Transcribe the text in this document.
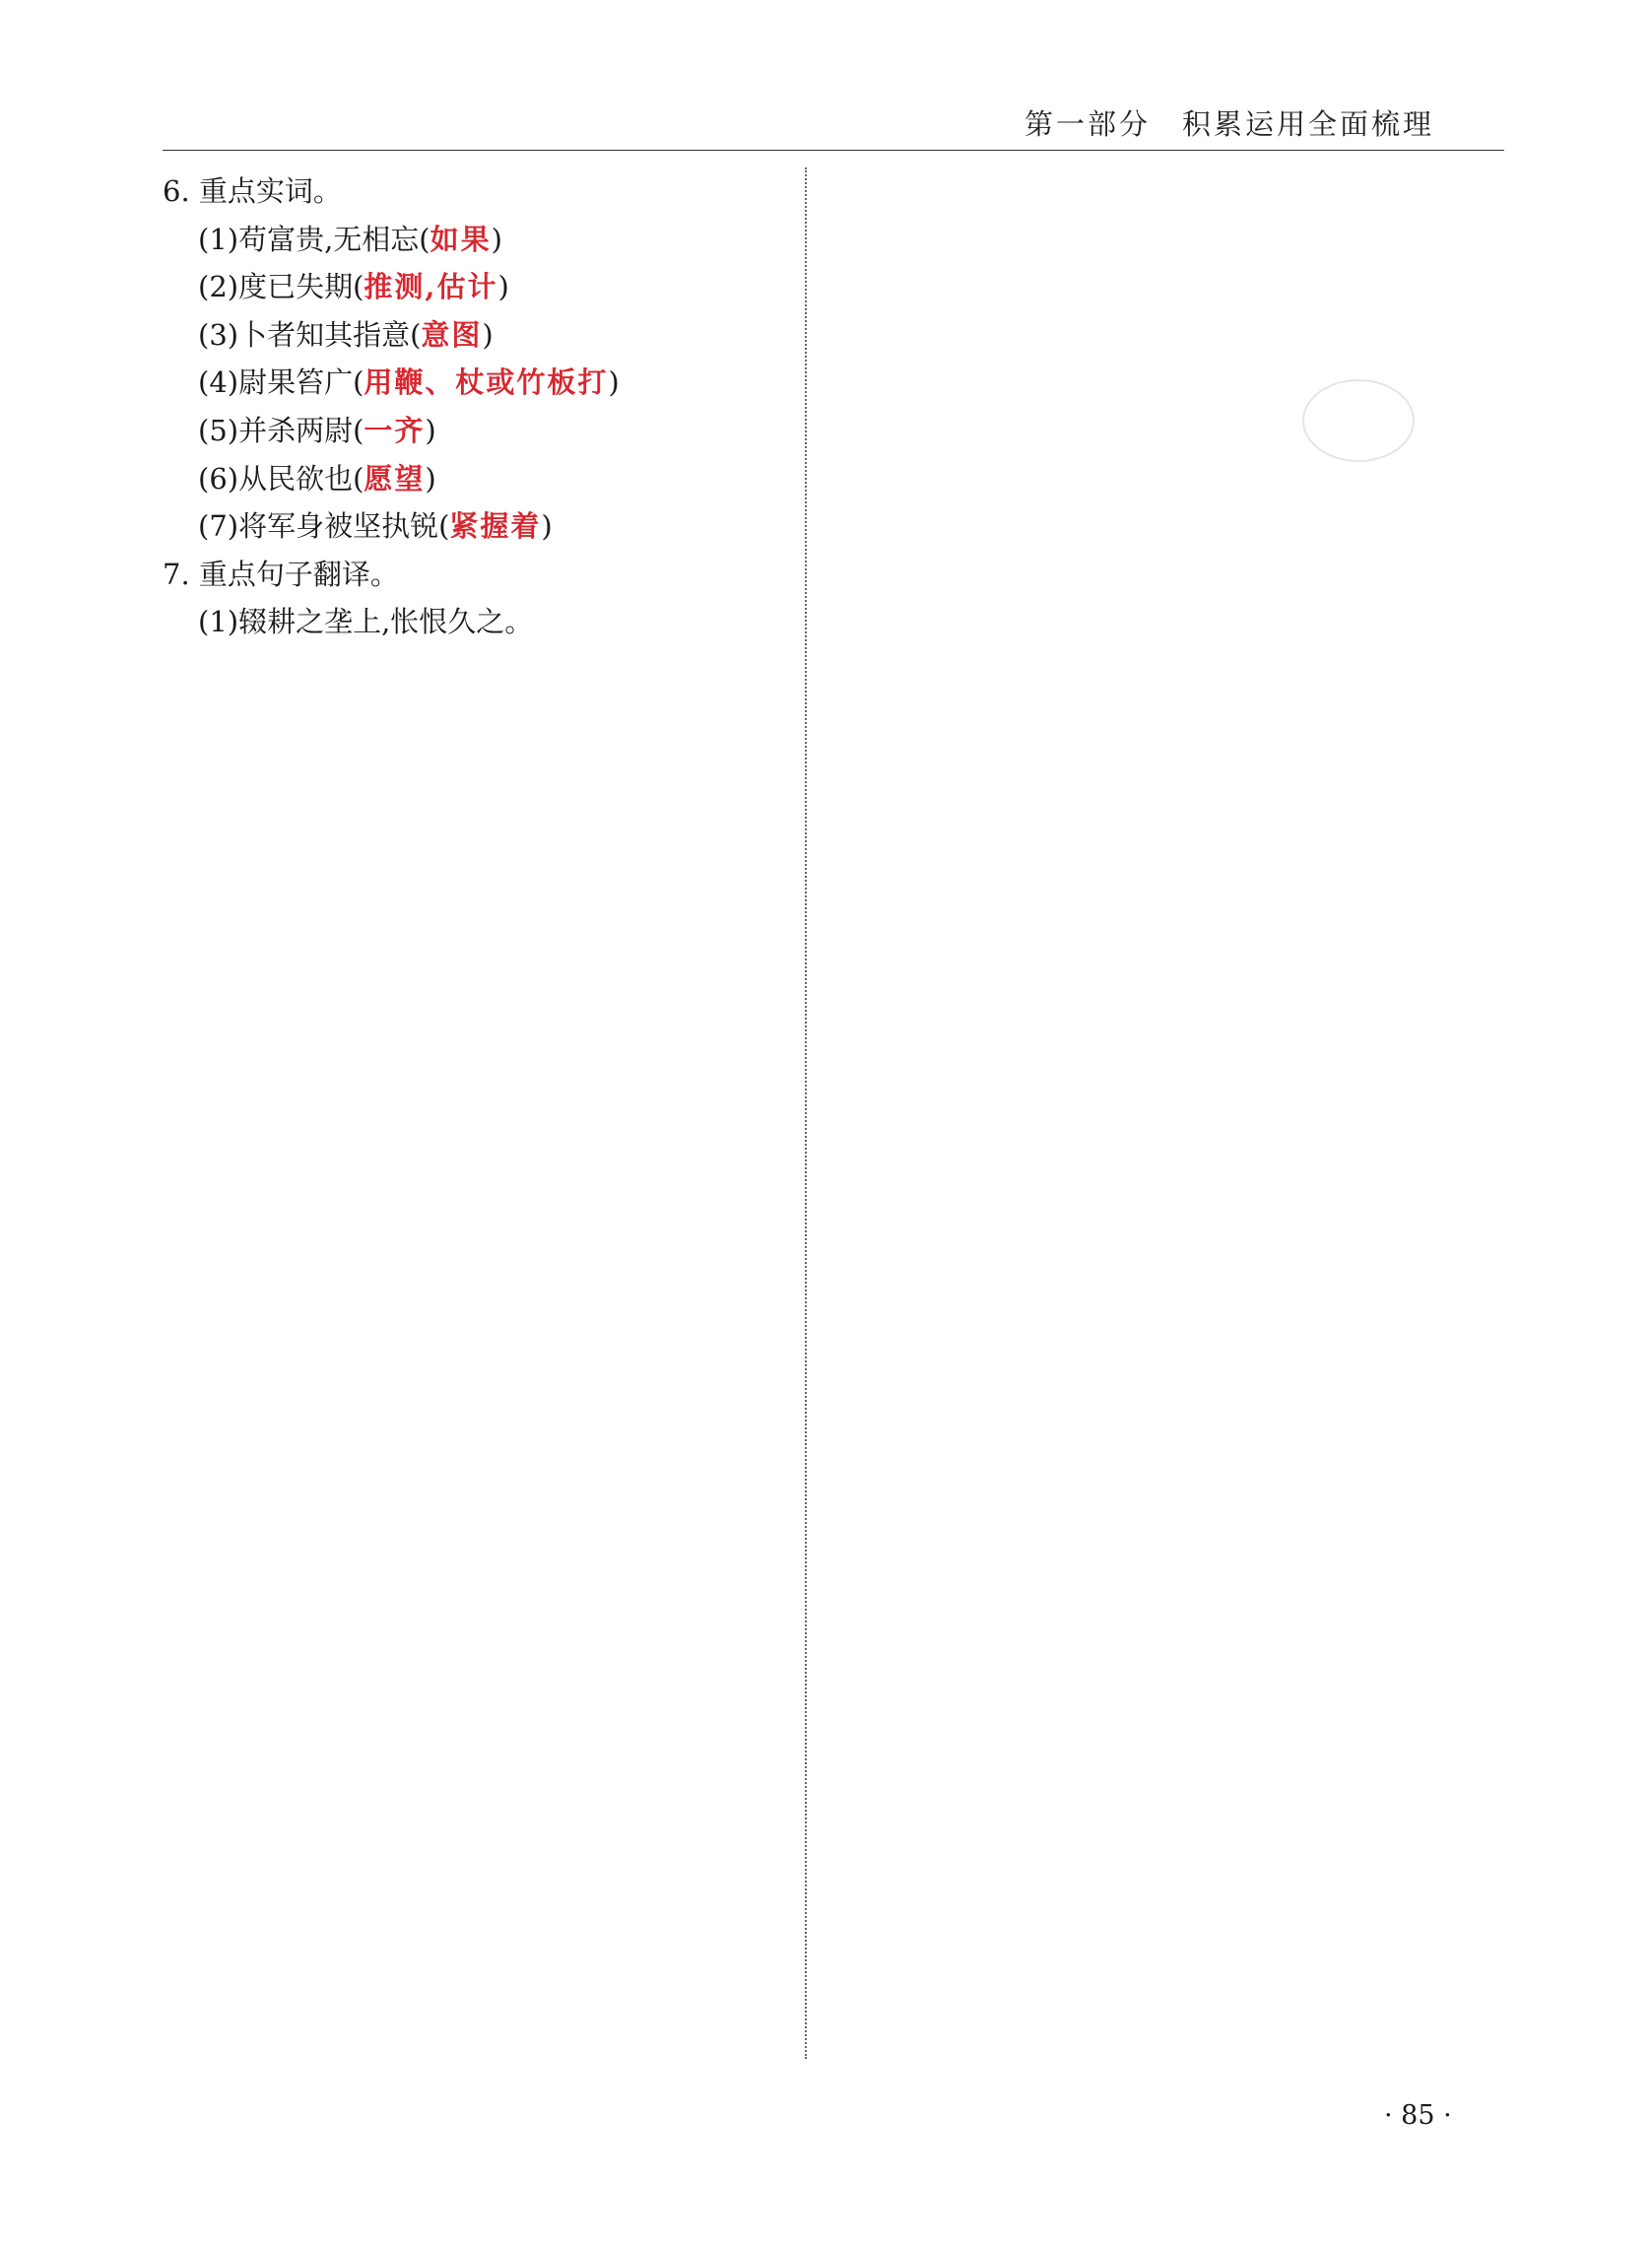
第一部分　积累运用全面梳理
6. 重点实词。
(1)苟富贵,无相忘(如果)
(2)度已失期(推测,估计)
(3)卜者知其指意(意图)
(4)尉果笞广(用鞭、杖或竹板打)
(5)并杀两尉(一齐)
(6)从民欲也(愿望)
(7)将军身被坚执锐(紧握着)
7. 重点句子翻译。
(1)辍耕之垄上,怅恨久之。
· 85 ·
